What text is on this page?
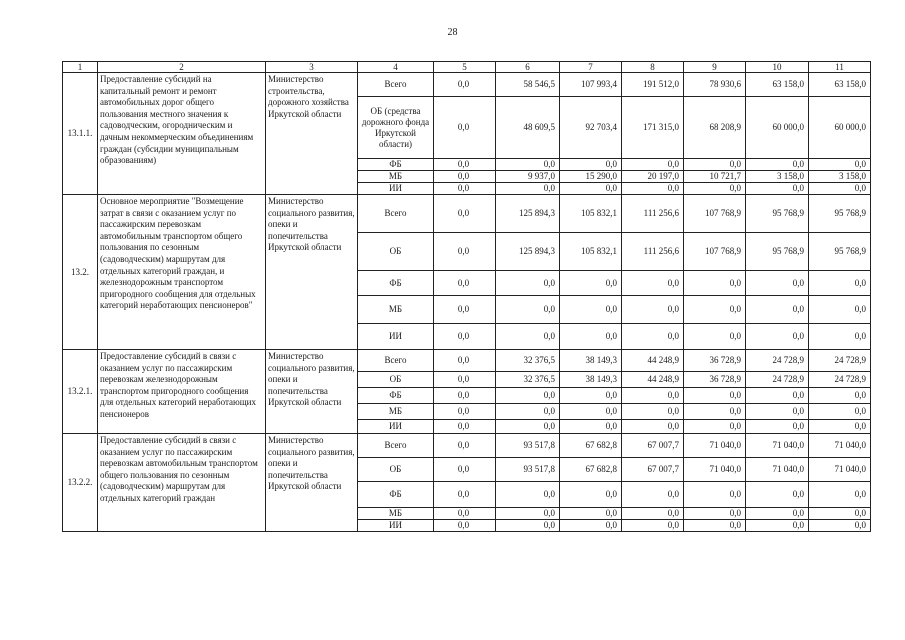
28
1	2	3	4	5	6	7	8	9	10	11
13.1.1.	Предоставление субсидий на капитальный ремонт и ремонт автомобильных дорог общего пользования местного значения к садоводческим, огородническим и дачным некоммерческим объединениям граждан (субсидии муниципальным образованиям)	Министерство строительства, дорожного хозяйства Иркутской области	Всего	0,0	58 546,5	107 993,4	191 512,0	78 930,6	63 158,0	63 158,0
			ОБ (средства дорожного фонда Иркутской области)	0,0	48 609,5	92 703,4	171 315,0	68 208,9	60 000,0	60 000,0
			ФБ	0,0	0,0	0,0	0,0	0,0	0,0	0,0
			МБ	0,0	9 937,0	15 290,0	20 197,0	10 721,7	3 158,0	3 158,0
			ИИ	0,0	0,0	0,0	0,0	0,0	0,0	0,0
13.2.	Основное мероприятие "Возмещение затрат в связи с оказанием услуг по пассажирским перевозкам автомобильным транспортом общего пользования по сезонным (садоводческим) маршрутам для отдельных категорий граждан, и железнодорожным транспортом пригородного сообщения для отдельных категорий неработающих пенсионеров"	Министерство социального развития, опеки и попечительства Иркутской области	Всего	0,0	125 894,3	105 832,1	111 256,6	107 768,9	95 768,9	95 768,9
			ОБ	0,0	125 894,3	105 832,1	111 256,6	107 768,9	95 768,9	95 768,9
			ФБ	0,0	0,0	0,0	0,0	0,0	0,0	0,0
			МБ	0,0	0,0	0,0	0,0	0,0	0,0	0,0
			ИИ	0,0	0,0	0,0	0,0	0,0	0,0	0,0
13.2.1.	Предоставление субсидий в связи с оказанием услуг по пассажирским перевозкам железнодорожным транспортом пригородного сообщения для отдельных категорий неработающих пенсионеров	Министерство социального развития, опеки и попечительства Иркутской области	Всего	0,0	32 376,5	38 149,3	44 248,9	36 728,9	24 728,9	24 728,9
			ОБ	0,0	32 376,5	38 149,3	44 248,9	36 728,9	24 728,9	24 728,9
			ФБ	0,0	0,0	0,0	0,0	0,0	0,0	0,0
			МБ	0,0	0,0	0,0	0,0	0,0	0,0	0,0
			ИИ	0,0	0,0	0,0	0,0	0,0	0,0	0,0
13.2.2.	Предоставление субсидий в связи с оказанием услуг по пассажирским перевозкам автомобильным транспортом общего пользования по сезонным (садоводческим) маршрутам для отдельных категорий граждан	Министерство социального развития, опеки и попечительства Иркутской области	Всего	0,0	93 517,8	67 682,8	67 007,7	71 040,0	71 040,0	71 040,0
			ОБ	0,0	93 517,8	67 682,8	67 007,7	71 040,0	71 040,0	71 040,0
			ФБ	0,0	0,0	0,0	0,0	0,0	0,0	0,0
			МБ	0,0	0,0	0,0	0,0	0,0	0,0	0,0
			ИИ	0,0	0,0	0,0	0,0	0,0	0,0	0,0
